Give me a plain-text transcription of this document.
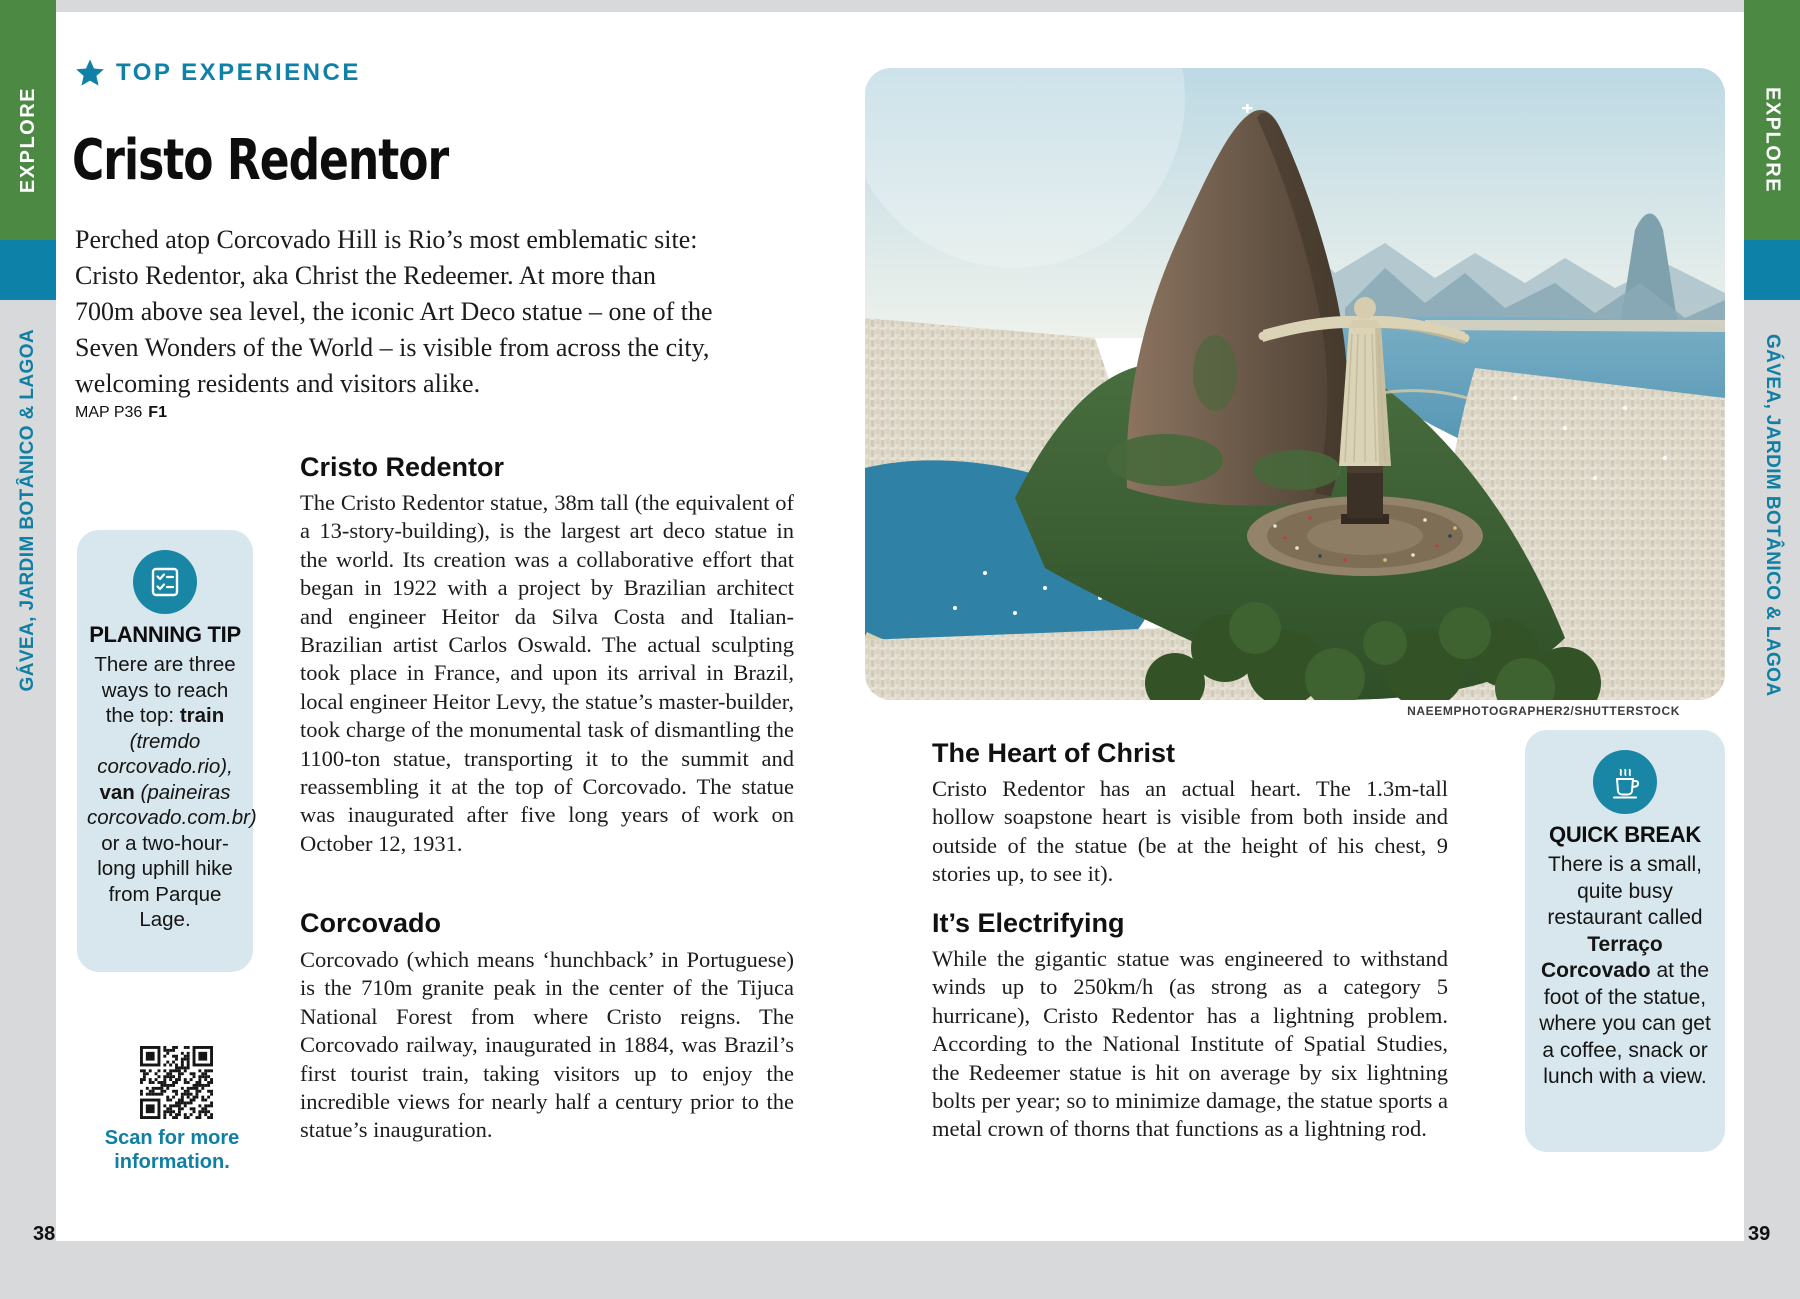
EXPLORE
GÁVEA, JARDIM BOTÂNICO & LAGOA
EXPLORE
GÁVEA, JARDIM BOTÂNICO & LAGOA
TOP EXPERIENCE
Cristo Redentor
Perched atop Corcovado Hill is Rio’s most emblematic site: Cristo Redentor, aka Christ the Redeemer. At more than 700m above sea level, the iconic Art Deco statue – one of the Seven Wonders of the World – is visible from across the city, welcoming residents and visitors alike.
MAP P36 F1
PLANNING TIP
There are three ways to reach the top: train (tremdo corcovado.rio), van (paineiras corcovado.com.br) or a two-hour-long uphill hike from Parque Lage.
Scan for more information.
Cristo Redentor
The Cristo Redentor statue, 38m tall (the equivalent of a 13-story-building), is the largest art deco statue in the world. Its creation was a collaborative effort that began in 1922 with a project by Brazilian architect and engineer Heitor da Silva Costa and Italian-Brazilian artist Carlos Oswald. The actual sculpting took place in France, and upon its arrival in Brazil, local engineer Heitor Levy, the statue’s master-builder, took charge of the monumental task of dismantling the 1100-ton statue, transporting it to the summit and reassembling it at the top of Corcovado. The statue was inaugurated after five long years of work on October 12, 1931.
Corcovado
Corcovado (which means ‘hunchback’ in Portuguese) is the 710m granite peak in the center of the Tijuca National Forest from where Cristo reigns. The Corcovado railway, inaugurated in 1884, was Brazil’s first tourist train, taking visitors up to enjoy the incredible views for nearly half a century prior to the statue’s inauguration.
NAEEMPHOTOGRAPHER2/SHUTTERSTOCK
The Heart of Christ
Cristo Redentor has an actual heart. The 1.3m-tall hollow soapstone heart is visible from both inside and outside of the statue (be at the height of his chest, 9 stories up, to see it).
It’s Electrifying
While the gigantic statue was engineered to withstand winds up to 250km/h (as strong as a category 5 hurricane), Cristo Redentor has a lightning problem. According to the National Institute of Spatial Studies, the Redeemer statue is hit on average by six lightning bolts per year; so to minimize damage, the statue sports a metal crown of thorns that functions as a lightning rod.
QUICK BREAK
There is a small, quite busy restaurant called Terraço Corcovado at the foot of the statue, where you can get a coffee, snack or lunch with a view.
38	39
